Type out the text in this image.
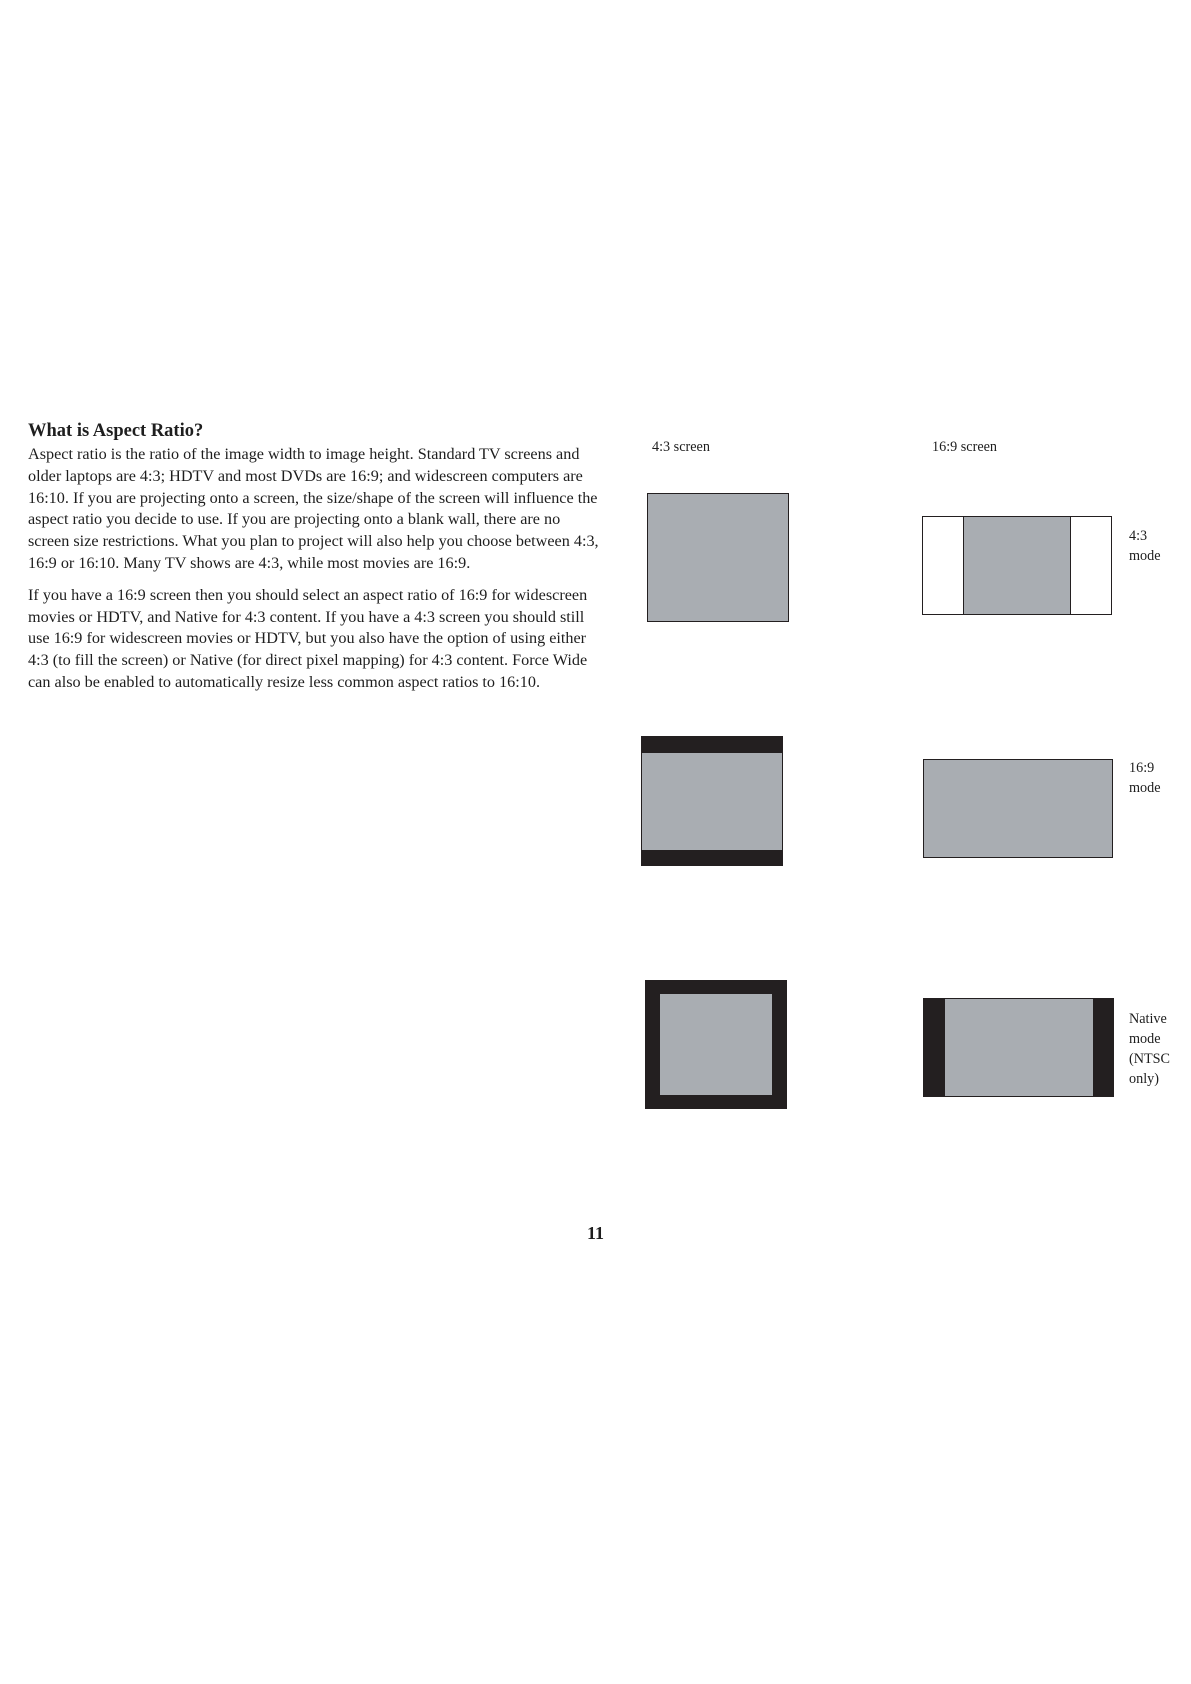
What is Aspect Ratio?

Aspect ratio is the ratio of the image width to image height. Standard TV screens and older laptops are 4:3; HDTV and most DVDs are 16:9; and widescreen computers are 16:10. If you are projecting onto a screen, the size/shape of the screen will influence the aspect ratio you decide to use. If you are projecting onto a blank wall, there are no screen size restrictions. What you plan to project will also help you choose between 4:3, 16:9 or 16:10. Many TV shows are 4:3, while most movies are 16:9.

If you have a 16:9 screen then you should select an aspect ratio of 16:9 for widescreen movies or HDTV, and Native for 4:3 content. If you have a 4:3 screen you should still use 16:9 for widescreen movies or HDTV, but you also have the option of using either 4:3 (to fill the screen) or Native (for direct pixel mapping) for 4:3 content. Force Wide can also be enabled to automatically resize less common aspect ratios to 16:10.

4:3 screen	16:9 screen
4:3
mode
16:9
mode
Native
mode
(NTSC
only)
11
